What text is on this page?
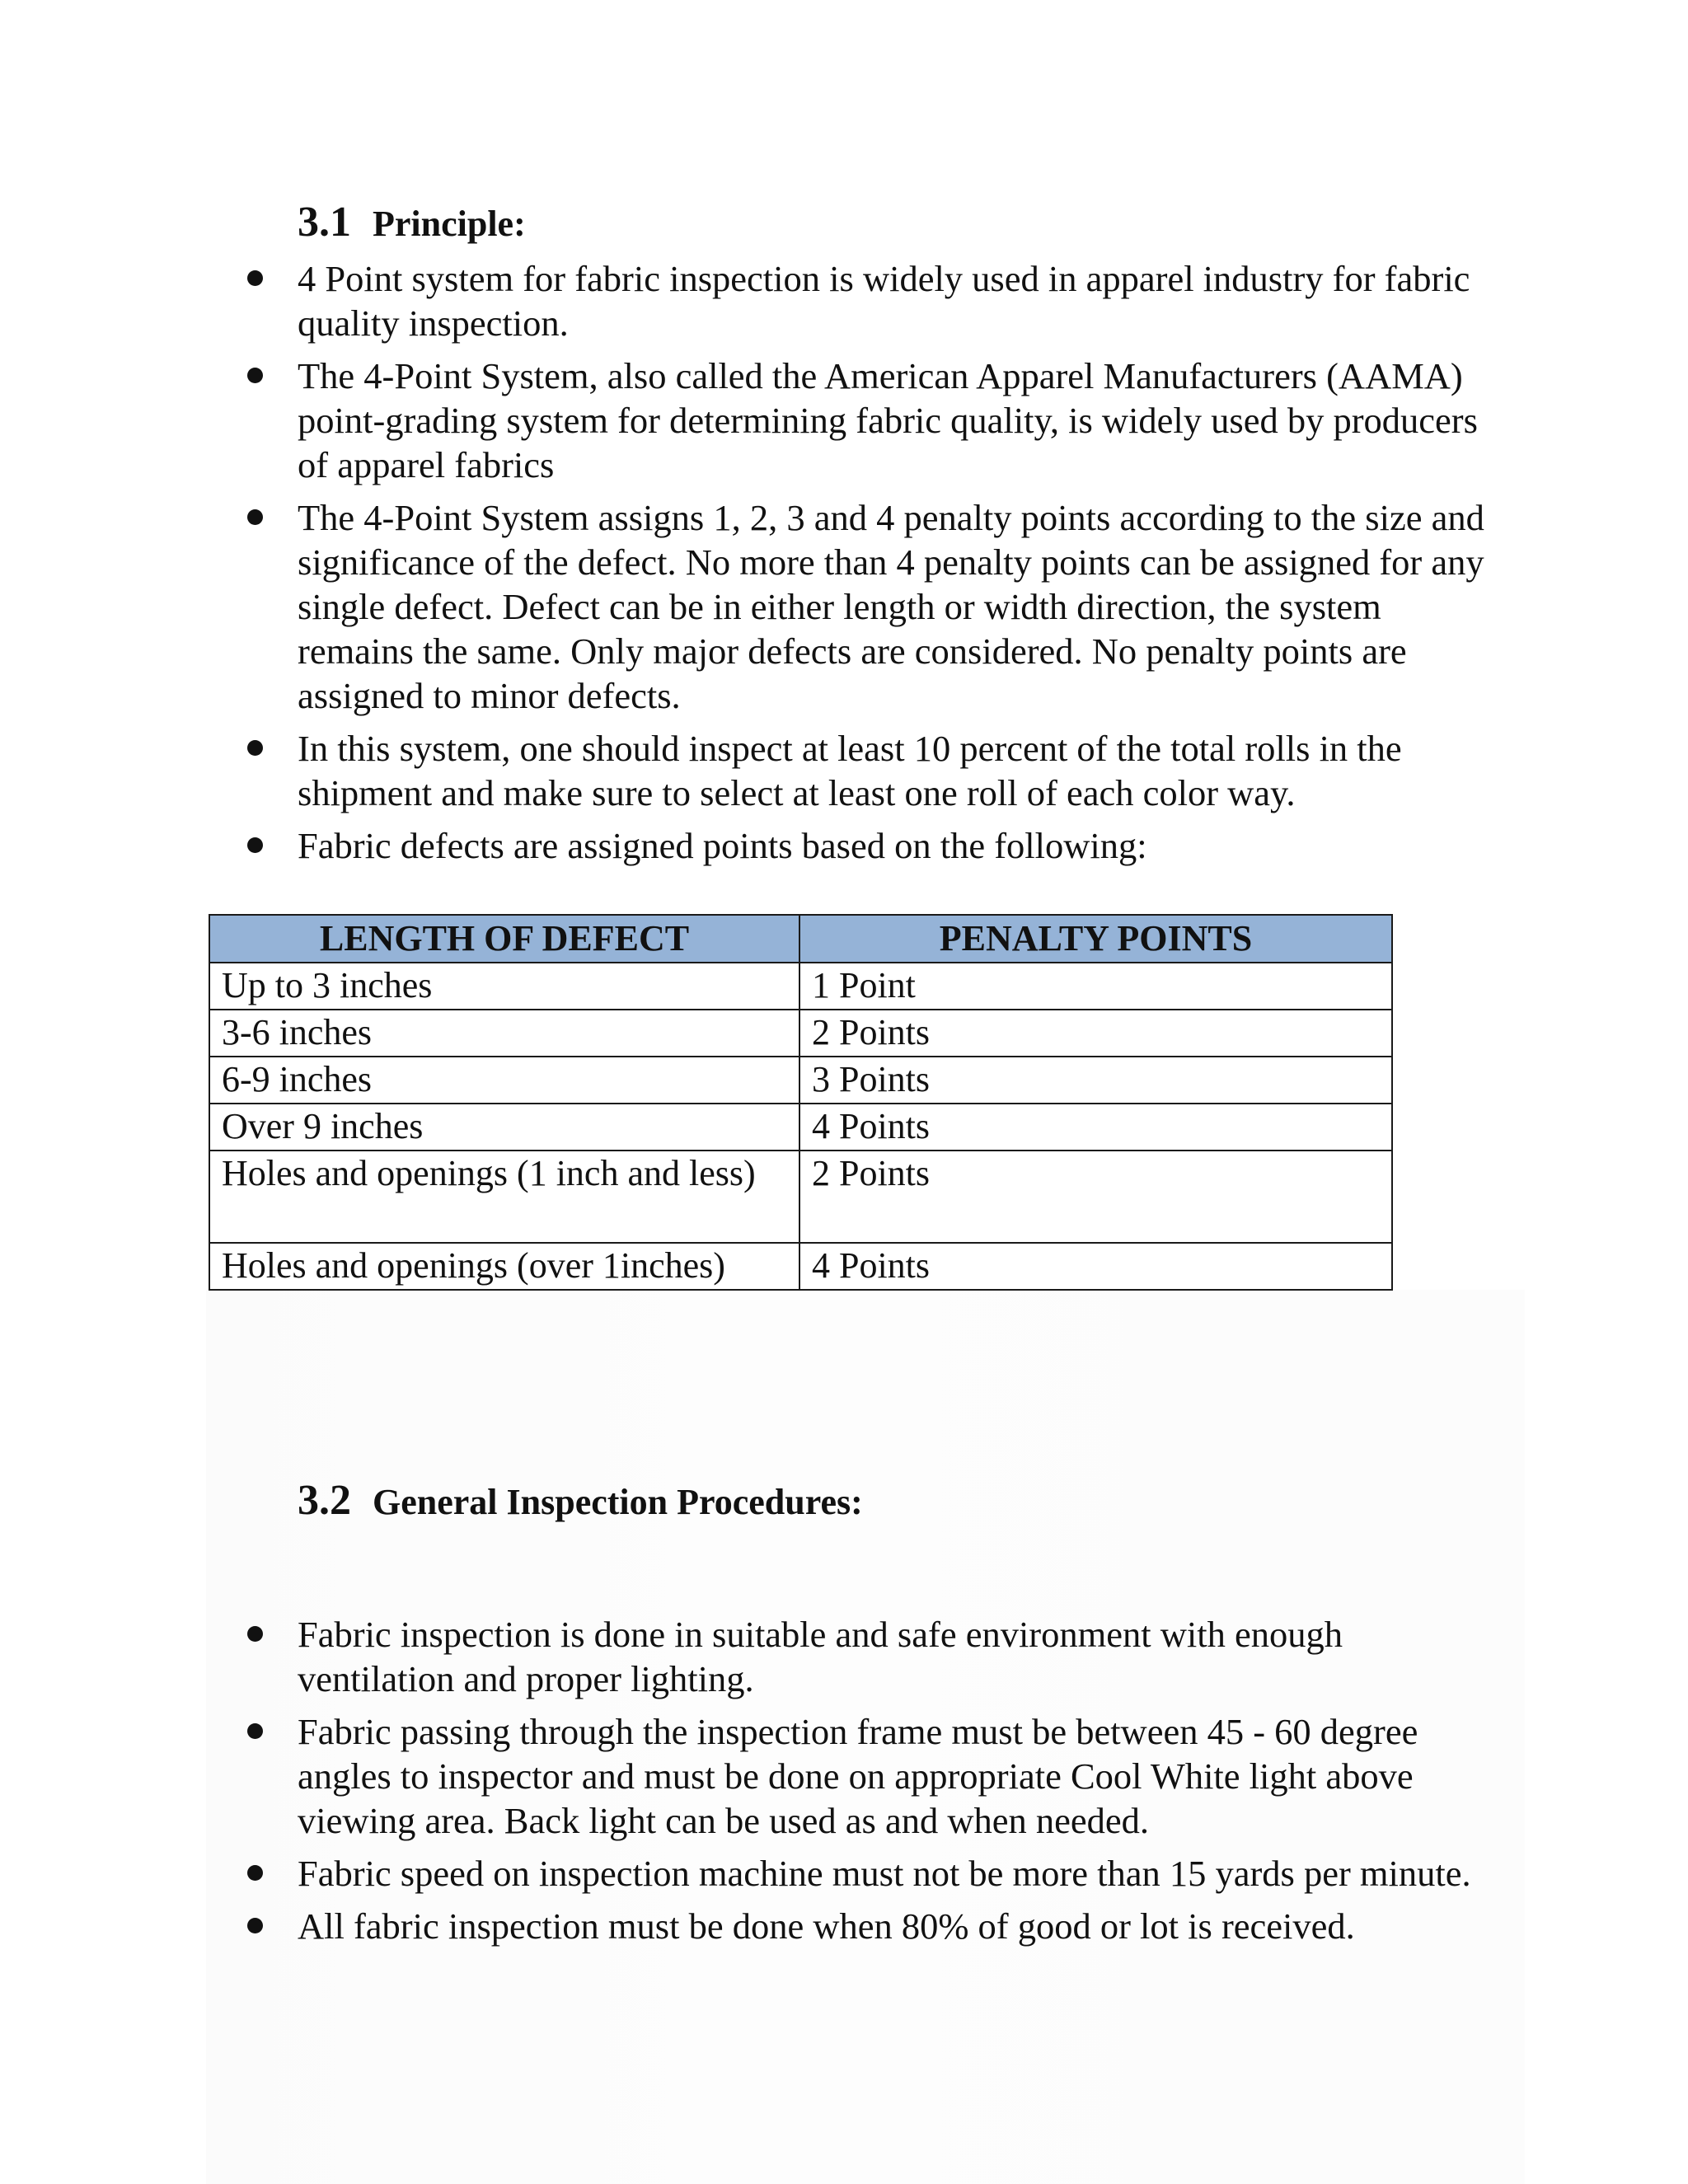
3.1 Principle:
4 Point system for fabric inspection is widely used in apparel industry for fabric quality inspection.
The 4-Point System, also called the American Apparel Manufacturers (AAMA) point-grading system for determining fabric quality, is widely used by producers of apparel fabrics
The 4-Point System assigns 1, 2, 3 and 4 penalty points according to the size and significance of the defect. No more than 4 penalty points can be assigned for any single defect. Defect can be in either length or width direction, the system remains the same. Only major defects are considered. No penalty points are assigned to minor defects.
In this system, one should inspect at least 10 percent of the total rolls in the shipment and make sure to select at least one roll of each color way.
Fabric defects are assigned points based on the following:
LENGTH OF DEFECT	PENALTY POINTS
Up to 3 inches	1 Point
3-6 inches	2 Points
6-9 inches	3 Points
Over 9 inches	4 Points
Holes and openings (1 inch and less)	2 Points
Holes and openings (over 1inches)	4 Points
3.2 General Inspection Procedures:
Fabric inspection is done in suitable and safe environment with enough ventilation and proper lighting.
Fabric passing through the inspection frame must be between 45 - 60 degree angles to inspector and must be done on appropriate Cool White light above viewing area. Back light can be used as and when needed.
Fabric speed on inspection machine must not be more than 15 yards per minute.
All fabric inspection must be done when 80% of good or lot is received.
